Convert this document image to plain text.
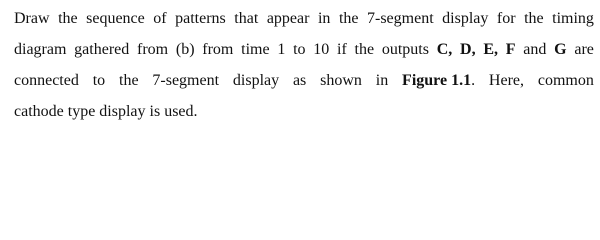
Draw the sequence of patterns that appear in the 7-segment display for the timing
diagram gathered from (b) from time 1 to 10 if the outputs C, D, E, F and G are
connected to the 7-segment display as shown in Figure 1.1. Here, common
cathode type display is used.
